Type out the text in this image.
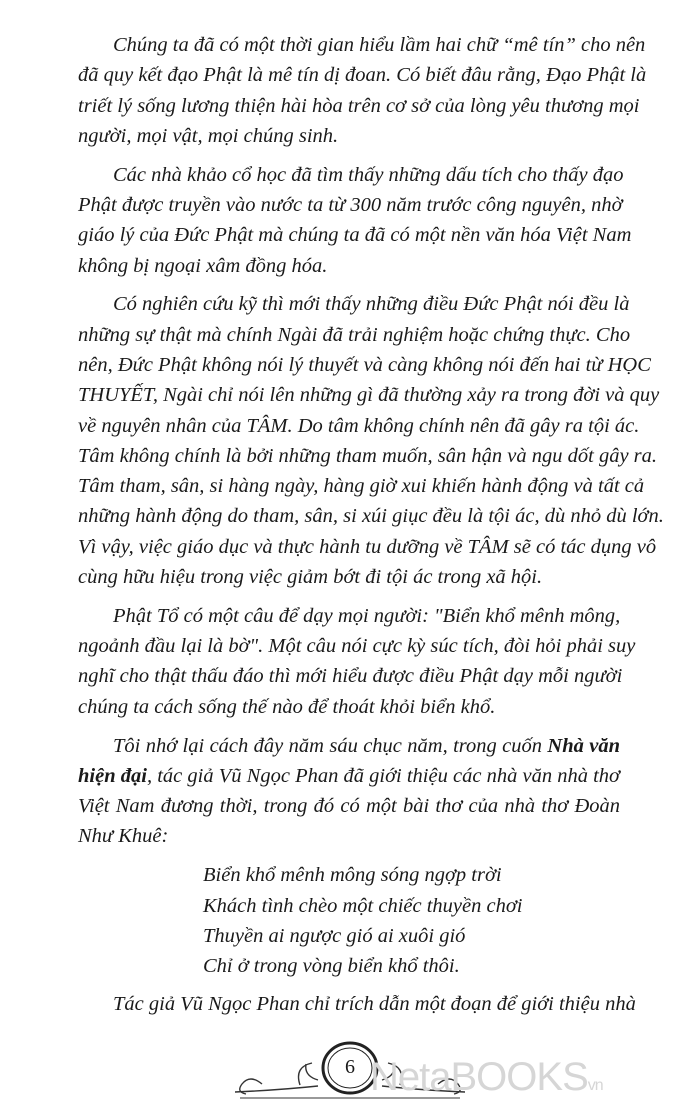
Chúng ta đã có một thời gian hiểu lầm hai chữ “mê tín” cho nên
đã quy kết đạo Phật là mê tín dị đoan. Có biết đâu rằng, Đạo Phật là
triết lý sống lương thiện hài hòa trên cơ sở của lòng yêu thương mọi
người, mọi vật, mọi chúng sinh.
Các nhà khảo cổ học đã tìm thấy những dấu tích cho thấy đạo
Phật được truyền vào nước ta từ 300 năm trước công nguyên, nhờ
giáo lý của Đức Phật mà chúng ta đã có một nền văn hóa Việt Nam
không bị ngoại xâm đồng hóa.
Có nghiên cứu kỹ thì mới thấy những điều Đức Phật nói đều là
những sự thật mà chính Ngài đã trải nghiệm hoặc chứng thực. Cho
nên, Đức Phật không nói lý thuyết và càng không nói đến hai từ HỌC
THUYẾT, Ngài chỉ nói lên những gì đã thường xảy ra trong đời và quy
về nguyên nhân của TÂM. Do tâm không chính nên đã gây ra tội ác.
Tâm không chính là bởi những tham muốn, sân hận và ngu dốt gây ra.
Tâm tham, sân, si hàng ngày, hàng giờ xui khiến hành động và tất cả
những hành động do tham, sân, si xúi giục đều là tội ác, dù nhỏ dù lớn.
Vì vậy, việc giáo dục và thực hành tu dưỡng về TÂM sẽ có tác dụng vô
cùng hữu hiệu trong việc giảm bớt đi tội ác trong xã hội.
Phật Tổ có một câu để dạy mọi người: "Biển khổ mênh mông,
ngoảnh đầu lại là bờ". Một câu nói cực kỳ súc tích, đòi hỏi phải suy
nghĩ cho thật thấu đáo thì mới hiểu được điều Phật dạy mỗi người
chúng ta cách sống thế nào để thoát khỏi biển khổ.
Tôi nhớ lại cách đây năm sáu chục năm, trong cuốn Nhà văn
hiện đại, tác giả Vũ Ngọc Phan đã giới thiệu các nhà văn nhà thơ
Việt Nam đương thời, trong đó có một bài thơ của nhà thơ Đoàn
Như Khuê:
Biển khổ mênh mông sóng ngợp trời
Khách tình chèo một chiếc thuyền chơi
Thuyền ai ngược gió ai xuôi gió
Chỉ ở trong vòng biển khổ thôi.
Tác giả Vũ Ngọc Phan chỉ trích dẫn một đoạn để giới thiệu nhà
6 NetaBOOKSvn
